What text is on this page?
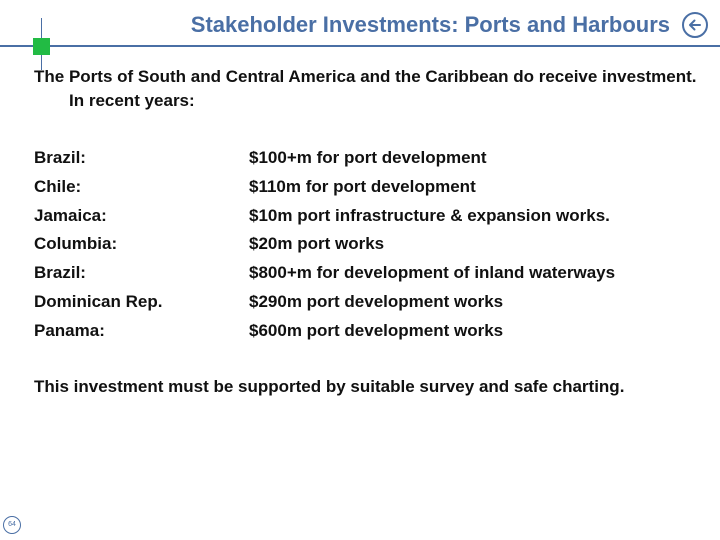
Stakeholder Investments: Ports and Harbours
The Ports of South and Central America and the Caribbean do receive investment. In recent years:
Brazil:
Chile:
Jamaica:
Columbia:
Brazil:
Dominican Rep.
Panama:
$100+m for port development
$110m for port development
$10m port infrastructure & expansion works.
$20m port works
$800+m for development of inland waterways
$290m port development works
$600m port development works
This investment must be supported by suitable survey and safe charting.
64
